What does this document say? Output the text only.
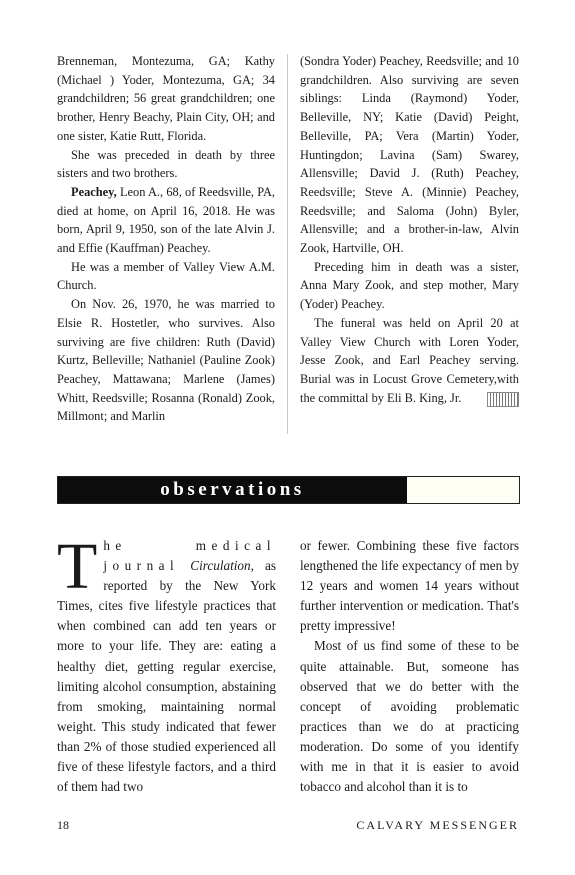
Brenneman, Montezuma, GA; Kathy (Michael ) Yoder, Montezuma, GA; 34 grandchildren; 56 great grandchildren; one brother, Henry Beachy, Plain City, OH; and one sister, Katie Rutt, Florida.

She was preceded in death by three sisters and two brothers.

Peachey, Leon A., 68, of Reedsville, PA, died at home, on April 16, 2018. He was born, April 9, 1950, son of the late Alvin J. and Effie (Kauffman) Peachey.

He was a member of Valley View A.M. Church.

On Nov. 26, 1970, he was married to Elsie R. Hostetler, who survives. Also surviving are five children: Ruth (David) Kurtz, Belleville; Nathaniel (Pauline Zook) Peachey, Mattawana; Marlene (James) Whitt, Reedsville; Rosanna (Ronald) Zook, Millmont; and Marlin

(Sondra Yoder) Peachey, Reedsville; and 10 grandchildren. Also surviving are seven siblings: Linda (Raymond) Yoder, Belleville, NY; Katie (David) Peight, Belleville, PA; Vera (Martin) Yoder, Huntingdon; Lavina (Sam) Swarey, Allensville; David J. (Ruth) Peachey, Reedsville; Steve A. (Minnie) Peachey, Reedsville; and Saloma (John) Byler, Allensville; and a brother-in-law, Alvin Zook, Hartville, OH.

Preceding him in death was a sister, Anna Mary Zook, and step mother, Mary (Yoder) Peachey.

The funeral was held on April 20 at Valley View Church with Loren Yoder, Jesse Zook, and Earl Peachey serving. Burial was in Locust Grove Cemetery,with the committal by Eli B. King, Jr.

observations

The medical journal Circulation, as reported by the New York Times, cites five lifestyle practices that when combined can add ten years or more to your life. They are: eating a healthy diet, getting regular exercise, limiting alcohol consumption, abstaining from smoking, maintaining normal weight. This study indicated that fewer than 2% of those studied experienced all five of these lifestyle factors, and a third of them had two

or fewer. Combining these five factors lengthened the life expectancy of men by 12 years and women 14 years without further intervention or medication. That's pretty impressive!

Most of us find some of these to be quite attainable. But, someone has observed that we do better with the concept of avoiding problematic practices than we do at practicing moderation. Do some of you identify with me in that it is easier to avoid tobacco and alcohol than it is to

18	CALVARY MESSENGER
